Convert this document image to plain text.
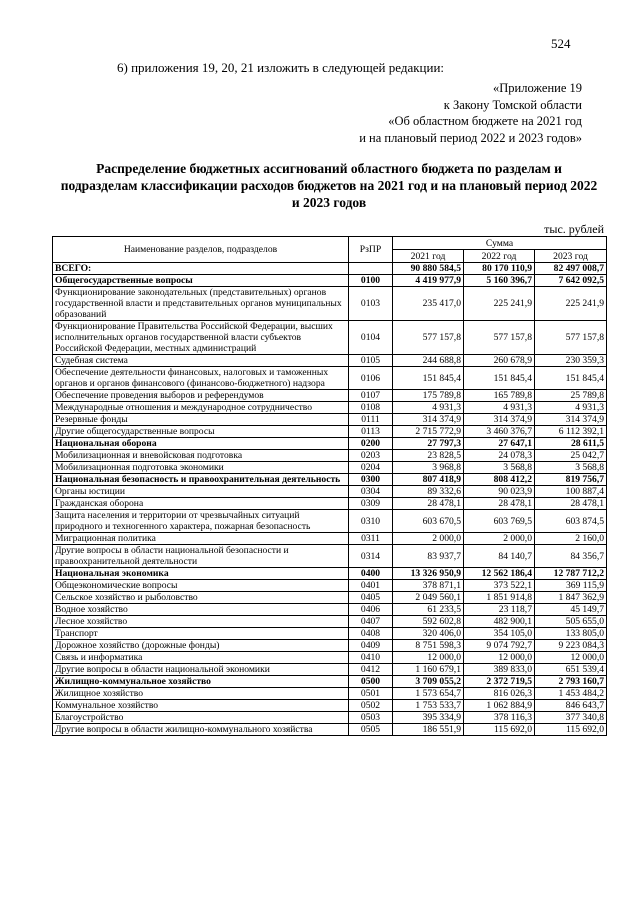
524
6) приложения 19, 20, 21 изложить в следующей редакции:
«Приложение 19
к Закону Томской области
«Об областном бюджете на 2021 год
и на плановый период 2022 и 2023 годов»
Распределение бюджетных ассигнований областного бюджета по разделам и подразделам классификации расходов бюджетов на 2021 год и на плановый период 2022 и 2023 годов
тыс. рублей
Наименование разделов, подразделов	РзПР	Сумма		
		2021 год	2022 год	2023 год
ВСЕГО:		90 880 584,5	80 170 110,9	82 497 008,7
Общегосударственные вопросы	0100	4 419 977,9	5 160 396,7	7 642 092,5
Функционирование законодательных (представительных) органов государственной власти и представительных органов муниципальных образований	0103	235 417,0	225 241,9	225 241,9
Функционирование Правительства Российской Федерации, высших исполнительных органов государственной власти субъектов Российской Федерации, местных администраций	0104	577 157,8	577 157,8	577 157,8
Судебная система	0105	244 688,8	260 678,9	230 359,3
Обеспечение деятельности финансовых, налоговых и таможенных органов и органов финансового (финансово-бюджетного) надзора	0106	151 845,4	151 845,4	151 845,4
Обеспечение проведения выборов и референдумов	0107	175 789,8	165 789,8	25 789,8
Международные отношения и международное сотрудничество	0108	4 931,3	4 931,3	4 931,3
Резервные фонды	0111	314 374,9	314 374,9	314 374,9
Другие общегосударственные вопросы	0113	2 715 772,9	3 460 376,7	6 112 392,1
Национальная оборона	0200	27 797,3	27 647,1	28 611,5
Мобилизационная и вневойсковая подготовка	0203	23 828,5	24 078,3	25 042,7
Мобилизационная подготовка экономики	0204	3 968,8	3 568,8	3 568,8
Национальная безопасность и правоохранительная деятельность	0300	807 418,9	808 412,2	819 756,7
Органы юстиции	0304	89 332,6	90 023,9	100 887,4
Гражданская оборона	0309	28 478,1	28 478,1	28 478,1
Защита населения и территории от чрезвычайных ситуаций природного и техногенного характера, пожарная безопасность	0310	603 670,5	603 769,5	603 874,5
Миграционная политика	0311	2 000,0	2 000,0	2 160,0
Другие вопросы в области национальной безопасности и правоохранительной деятельности	0314	83 937,7	84 140,7	84 356,7
Национальная экономика	0400	13 326 950,9	12 562 186,4	12 787 712,2
Общеэкономические вопросы	0401	378 871,1	373 522,1	369 115,9
Сельское хозяйство и рыболовство	0405	2 049 560,1	1 851 914,8	1 847 362,9
Водное хозяйство	0406	61 233,5	23 118,7	45 149,7
Лесное хозяйство	0407	592 602,8	482 900,1	505 655,0
Транспорт	0408	320 406,0	354 105,0	133 805,0
Дорожное хозяйство (дорожные фонды)	0409	8 751 598,3	9 074 792,7	9 223 084,3
Связь и информатика	0410	12 000,0	12 000,0	12 000,0
Другие вопросы в области национальной экономики	0412	1 160 679,1	389 833,0	651 539,4
Жилищно-коммунальное хозяйство	0500	3 709 055,2	2 372 719,5	2 793 160,7
Жилищное хозяйство	0501	1 573 654,7	816 026,3	1 453 484,2
Коммунальное хозяйство	0502	1 753 533,7	1 062 884,9	846 643,7
Благоустройство	0503	395 334,9	378 116,3	377 340,8
Другие вопросы в области жилищно-коммунального хозяйства	0505	186 551,9	115 692,0	115 692,0
